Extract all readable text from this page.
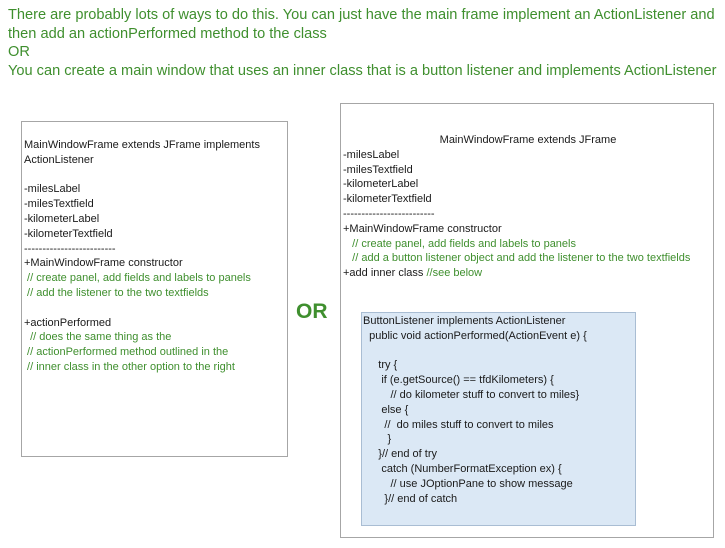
There are probably lots of ways to do this. You can just have the main frame implement an ActionListener and
then add an actionPerformed method to the class
OR
You can create a main window that uses an inner class that is a button listener and implements ActionListener
MainWindowFrame extends JFrame implements
ActionListener
-milesLabel
-milesTextfield
-kilometerLabel
-kilometerTextfield
-------------------------
+MainWindowFrame constructor
// create panel, add fields and labels to panels
// add the listener to the two textfields
+actionPerformed
// does the same thing as the
// actionPerformed method outlined in the
// inner class in the other option to the right
OR
MainWindowFrame extends JFrame
-milesLabel
-milesTextfield
-kilometerLabel
-kilometerTextfield
-------------------------
+MainWindowFrame constructor
// create panel, add fields and labels to panels
// add a button listener object and add the listener to the two textfields
+add inner class //see below
ButtonListener implements ActionListener
public void actionPerformed(ActionEvent e) {
try {
if (e.getSource() == tfdKilometers) {
// do kilometer stuff to convert to miles}
else {
//  do miles stuff to convert to miles
}
}// end of try
catch (NumberFormatException ex) {
// use JOptionPane to show message
}// end of catch
